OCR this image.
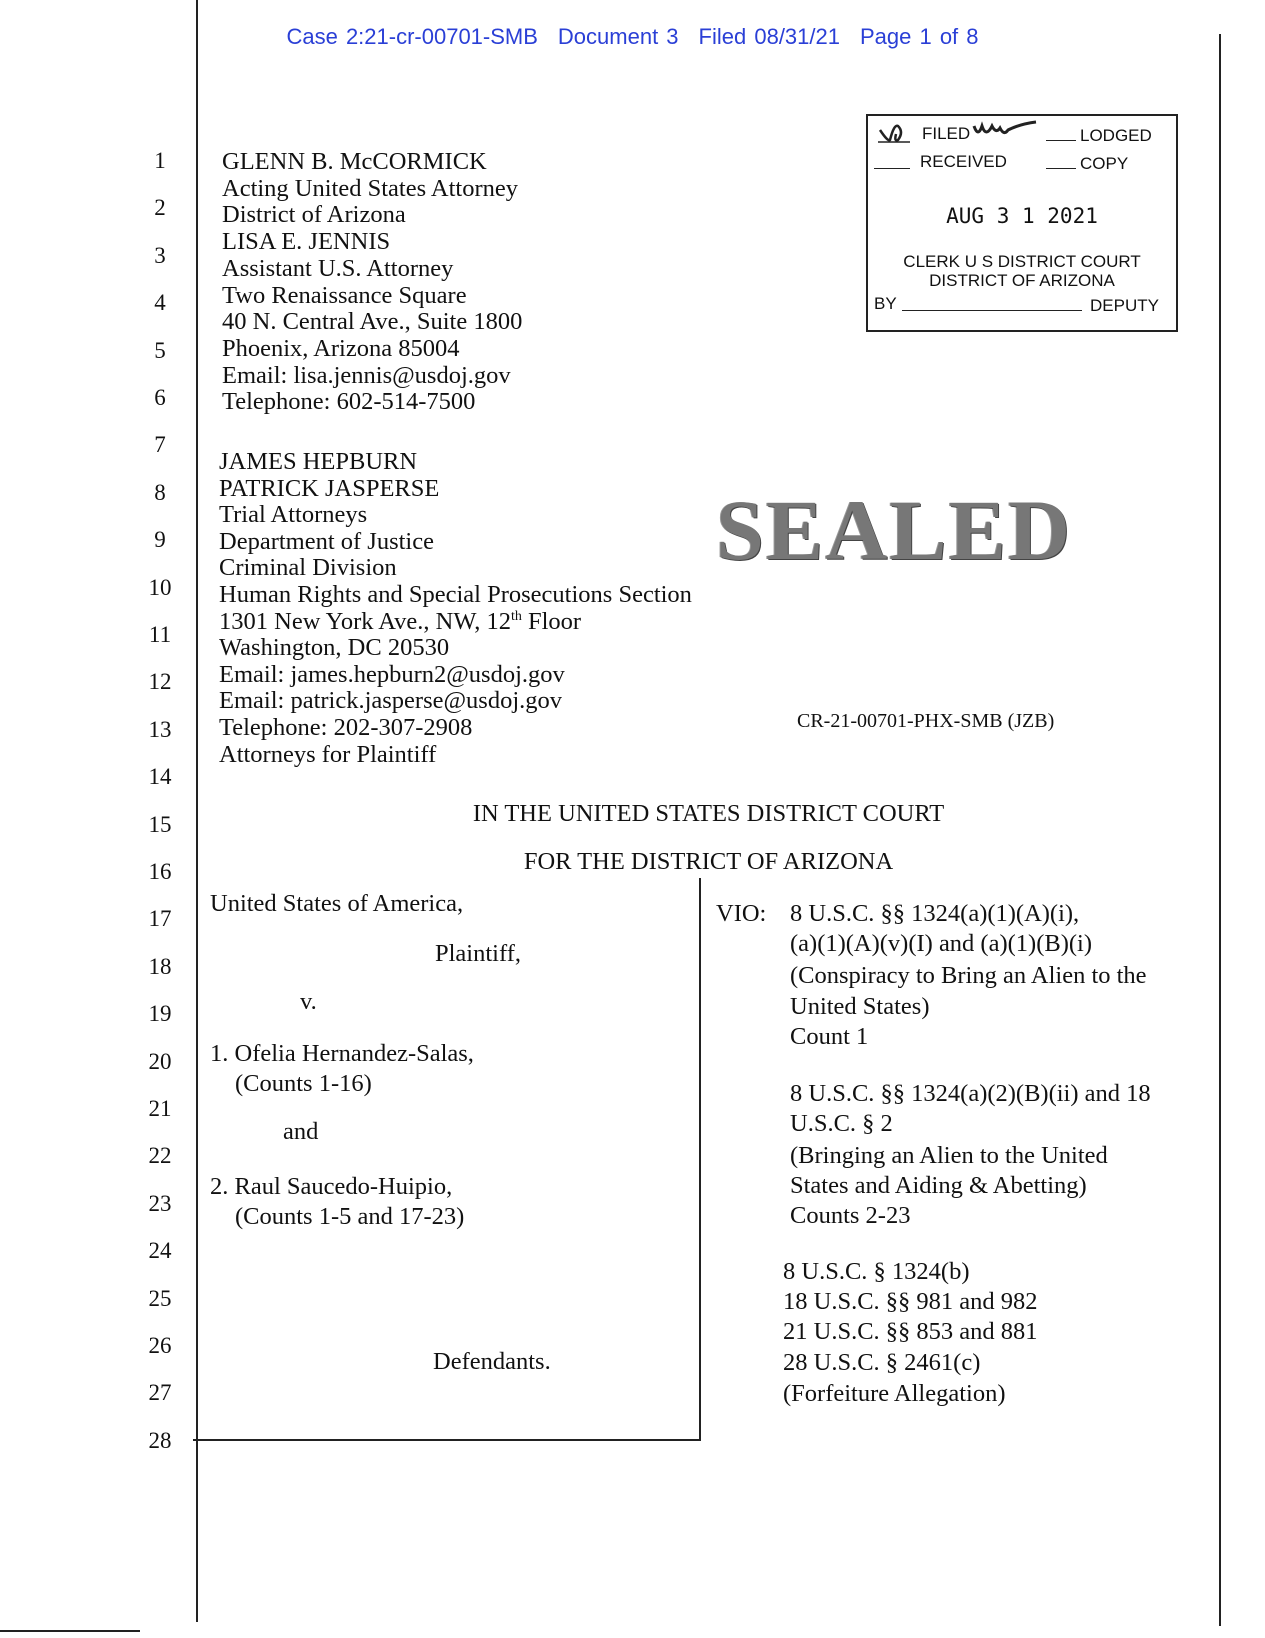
Case 2:21-cr-00701-SMB Document 3 Filed 08/31/21 Page 1 of 8
1
2
3
4
5
6
7
8
9
10
11
12
13
14
15
16
17
18
19
20
21
22
23
24
25
26
27
28
GLENN B. McCORMICK
Acting United States Attorney
District of Arizona
LISA E. JENNIS
Assistant U.S. Attorney
Two Renaissance Square
40 N. Central Ave., Suite 1800
Phoenix, Arizona 85004
Email: lisa.jennis@usdoj.gov
Telephone: 602-514-7500
JAMES HEPBURN
PATRICK JASPERSE
Trial Attorneys
Department of Justice
Criminal Division
Human Rights and Special Prosecutions Section
1301 New York Ave., NW, 12th Floor
Washington, DC 20530
Email: james.hepburn2@usdoj.gov
Email: patrick.jasperse@usdoj.gov
Telephone: 202-307-2908
Attorneys for Plaintiff
FILED	LODGED
RECEIVED	COPY
AUG 3 1 2021
CLERK U S DISTRICT COURT
DISTRICT OF ARIZONA
BY	DEPUTY
SEALED
CR-21-00701-PHX-SMB (JZB)
IN THE UNITED STATES DISTRICT COURT
FOR THE DISTRICT OF ARIZONA
United States of America,
Plaintiff,
v.
1. Ofelia Hernandez-Salas,
(Counts 1-16)
and
2. Raul Saucedo-Huipio,
(Counts 1-5 and 17-23)
Defendants.
VIO: 8 U.S.C. §§ 1324(a)(1)(A)(i),
(a)(1)(A)(v)(I) and (a)(1)(B)(i)
(Conspiracy to Bring an Alien to the
United States)
Count 1
8 U.S.C. §§ 1324(a)(2)(B)(ii) and 18
U.S.C. § 2
(Bringing an Alien to the United
States and Aiding & Abetting)
Counts 2-23
8 U.S.C. § 1324(b)
18 U.S.C. §§ 981 and 982
21 U.S.C. §§ 853 and 881
28 U.S.C. § 2461(c)
(Forfeiture Allegation)
